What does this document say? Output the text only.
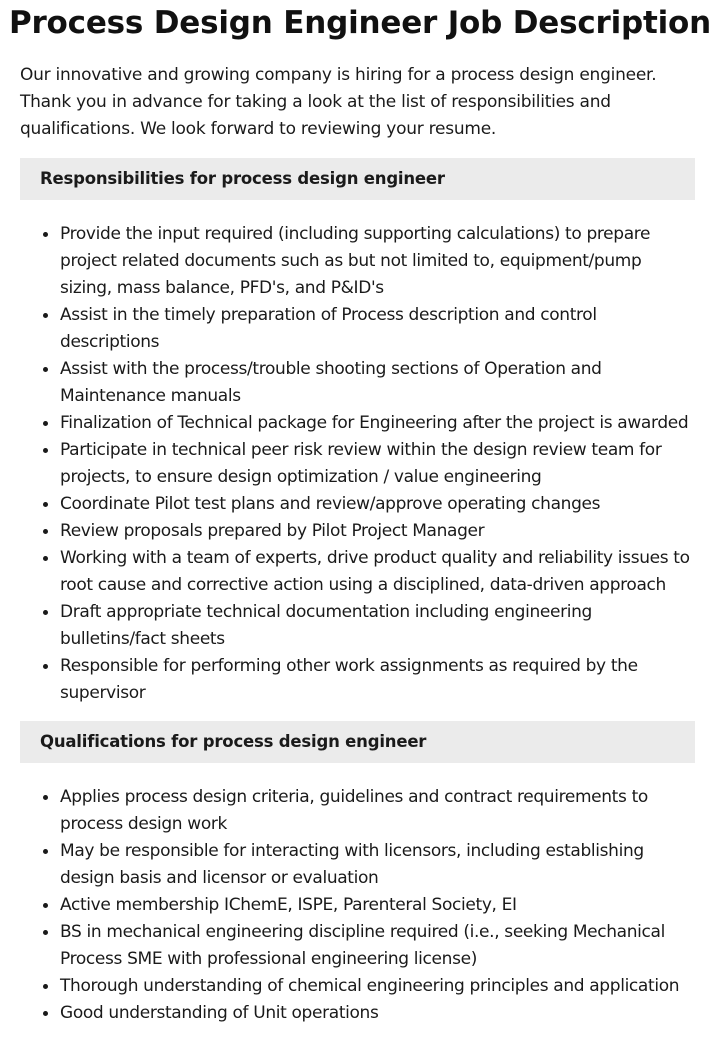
Process Design Engineer Job Description

Our innovative and growing company is hiring for a process design engineer. Thank you in advance for taking a look at the list of responsibilities and qualifications. We look forward to reviewing your resume.

Responsibilities for process design engineer
Provide the input required (including supporting calculations) to prepare project related documents such as but not limited to, equipment/pump sizing, mass balance, PFD's, and P&ID's
Assist in the timely preparation of Process description and control descriptions
Assist with the process/trouble shooting sections of Operation and Maintenance manuals
Finalization of Technical package for Engineering after the project is awarded
Participate in technical peer risk review within the design review team for projects, to ensure design optimization / value engineering
Coordinate Pilot test plans and review/approve operating changes
Review proposals prepared by Pilot Project Manager
Working with a team of experts, drive product quality and reliability issues to root cause and corrective action using a disciplined, data-driven approach
Draft appropriate technical documentation including engineering bulletins/fact sheets
Responsible for performing other work assignments as required by the supervisor
Qualifications for process design engineer
Applies process design criteria, guidelines and contract requirements to process design work
May be responsible for interacting with licensors, including establishing design basis and licensor or evaluation
Active membership IChemE, ISPE, Parenteral Society, EI
BS in mechanical engineering discipline required (i.e., seeking Mechanical Process SME with professional engineering license)
Thorough understanding of chemical engineering principles and application
Good understanding of Unit operations
